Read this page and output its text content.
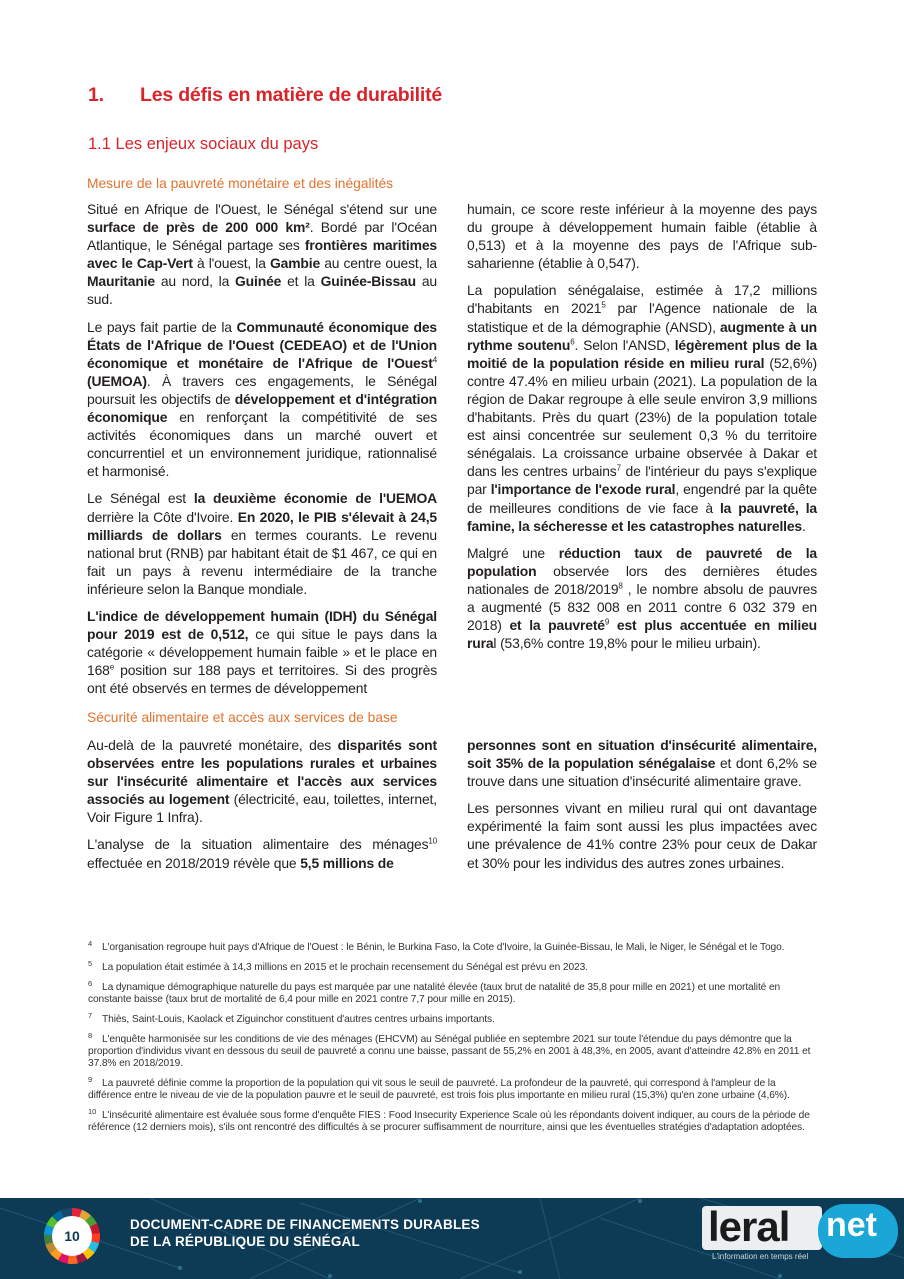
1. Les défis en matière de durabilité
1.1 Les enjeux sociaux du pays
Mesure de la pauvreté monétaire et des inégalités

Situé en Afrique de l'Ouest, le Sénégal s'étend sur une surface de près de 200 000 km². Bordé par l'Océan Atlantique, le Sénégal partage ses frontières maritimes avec le Cap-Vert à l'ouest, la Gambie au centre ouest, la Mauritanie au nord, la Guinée et la Guinée-Bissau au sud.

Le pays fait partie de la Communauté économique des États de l'Afrique de l'Ouest (CEDEAO) et de l'Union économique et monétaire de l'Afrique de l'Ouest$^4$ (UEMOA). À travers ces engagements, le Sénégal poursuit les objectifs de développement et d'intégration économique en renforçant la compétitivité de ses activités économiques dans un marché ouvert et concurrentiel et un environnement juridique, rationnalisé et harmonisé.

Le Sénégal est la deuxième économie de l'UEMOA derrière la Côte d'Ivoire. En 2020, le PIB s'élevait à 24,5 milliards de dollars en termes courants. Le revenu national brut (RNB) par habitant était de $1 467, ce qui en fait un pays à revenu intermédiaire de la tranche inférieure selon la Banque mondiale.

L'indice de développement humain (IDH) du Sénégal pour 2019 est de 0,512, ce qui situe le pays dans la catégorie « développement humain faible » et le place en 168e position sur 188 pays et territoires. Si des progrès ont été observés en termes de développement

humain, ce score reste inférieur à la moyenne des pays du groupe à développement humain faible (établie à 0,513) et à la moyenne des pays de l'Afrique sub-saharienne (établie à 0,547).

La population sénégalaise, estimée à 17,2 millions d'habitants en 2021$^5$ par l'Agence nationale de la statistique et de la démographie (ANSD), augmente à un rythme soutenu$^6$. Selon l'ANSD, légèrement plus de la moitié de la population réside en milieu rural (52,6%) contre 47.4% en milieu urbain (2021). La population de la région de Dakar regroupe à elle seule environ 3,9 millions d'habitants. Près du quart (23%) de la population totale est ainsi concentrée sur seulement 0,3 % du territoire sénégalais. La croissance urbaine observée à Dakar et dans les centres urbains$^7$ de l'intérieur du pays s'explique par l'importance de l'exode rural, engendré par la quête de meilleures conditions de vie face à la pauvreté, la famine, la sécheresse et les catastrophes naturelles.

Malgré une réduction taux de pauvreté de la population observée lors des dernières études nationales de 2018/2019$^8$ , le nombre absolu de pauvres a augmenté (5 832 008 en 2011 contre 6 032 379 en 2018) et la pauvreté$^9$ est plus accentuée en milieu rural (53,6% contre 19,8% pour le milieu urbain).

Sécurité alimentaire et accès aux services de base

Au-delà de la pauvreté monétaire, des disparités sont observées entre les populations rurales et urbaines sur l'insécurité alimentaire et l'accès aux services associés au logement (électricité, eau, toilettes, internet, Voir Figure 1 Infra).

L'analyse de la situation alimentaire des ménages$^{10}$ effectuée en 2018/2019 révèle que 5,5 millions de

personnes sont en situation d'insécurité alimentaire, soit 35% de la population sénégalaise et dont 6,2% se trouve dans une situation d'insécurité alimentaire grave.

Les personnes vivant en milieu rural qui ont davantage expérimenté la faim sont aussi les plus impactées avec une prévalence de 41% contre 23% pour ceux de Dakar et 30% pour les individus des autres zones urbaines.

4 L'organisation regroupe huit pays d'Afrique de l'Ouest : le Bénin, le Burkina Faso, la Cote d'Ivoire, la Guinée-Bissau, le Mali, le Niger, le Sénégal et le Togo.

5 La population était estimée à 14,3 millions en 2015 et le prochain recensement du Sénégal est prévu en 2023.

6 La dynamique démographique naturelle du pays est marquée par une natalité élevée (taux brut de natalité de 35,8 pour mille en 2021) et une mortalité en constante baisse (taux brut de mortalité de 6,4 pour mille en 2021 contre 7,7 pour mille en 2015).

7 Thiès, Saint-Louis, Kaolack et Ziguinchor constituent d'autres centres urbains importants.

8 L'enquête harmonisée sur les conditions de vie des ménages (EHCVM) au Sénégal publiée en septembre 2021 sur toute l'étendue du pays démontre que la proportion d'individus vivant en dessous du seuil de pauvreté a connu une baisse, passant de 55,2% en 2001 à 48,3%, en 2005, avant d'atteindre 42.8% en 2011 et 37.8% en 2018/2019.

9 La pauvreté définie comme la proportion de la population qui vit sous le seuil de pauvreté. La profondeur de la pauvreté, qui correspond à l'ampleur de la différence entre le niveau de vie de la population pauvre et le seuil de pauvreté, est trois fois plus importante en milieu rural (15,3%) qu'en zone urbaine (4,6%).

10 L'insécurité alimentaire est évaluée sous forme d'enquête FIES : Food Insecurity Experience Scale où les répondants doivent indiquer, au cours de la période de référence (12 derniers mois), s'ils ont rencontré des difficultés à se procurer suffisamment de nourriture, ainsi que les éventuelles stratégies d'adaptation adoptées.

10
DOCUMENT-CADRE DE FINANCEMENTS DURABLES
DE LA RÉPUBLIQUE DU SÉNÉGAL	leral net
L'information en temps réel
